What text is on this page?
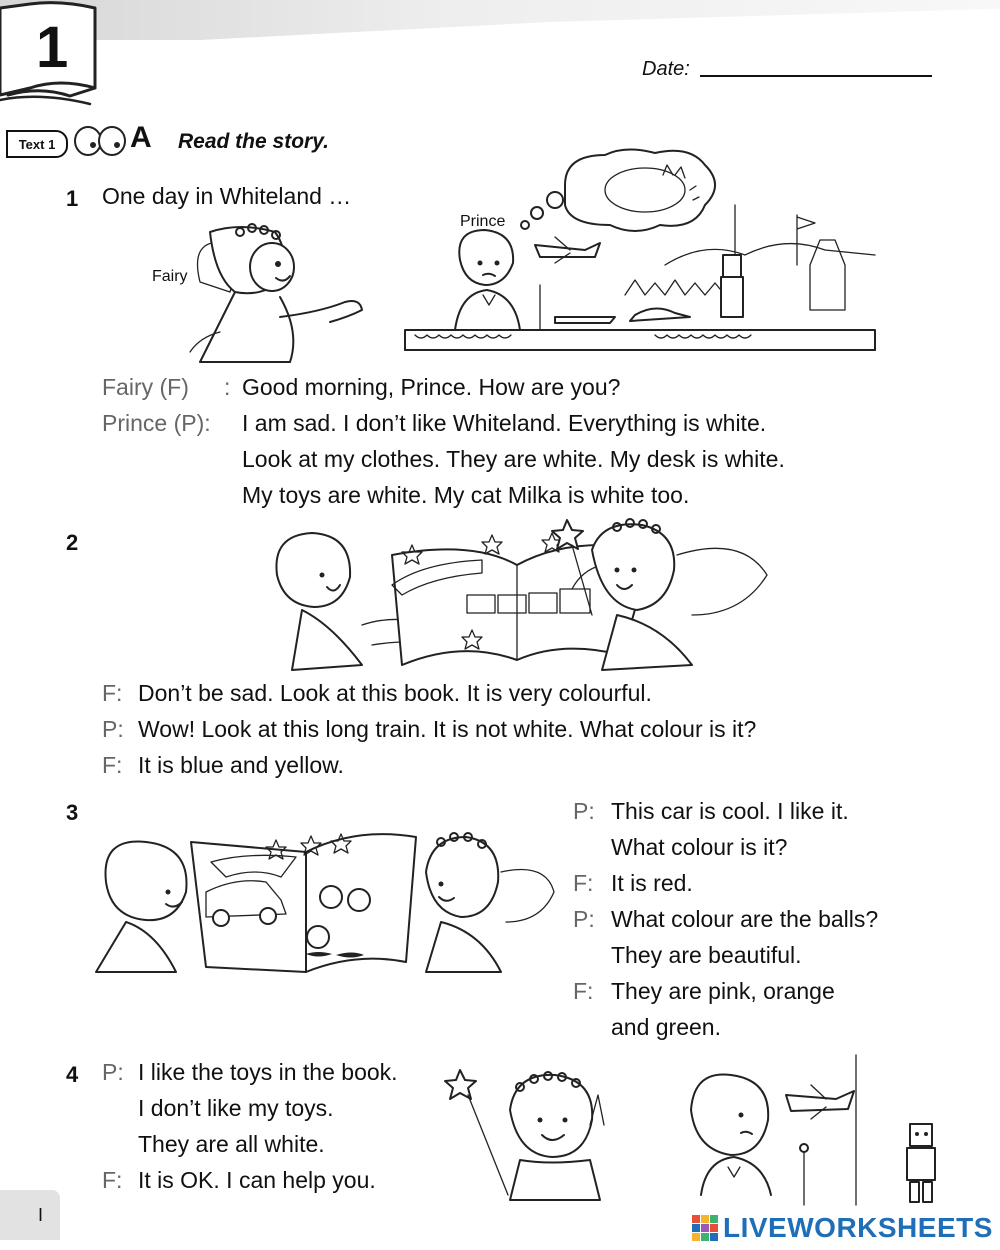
1	Date:
Text 1	A Read the story.
1 One day in Whiteland …
Fairy
Prince
Fairy (F) : Good morning, Prince. How are you?
Prince (P): I am sad. I don’t like Whiteland. Everything is white.
Look at my clothes. They are white. My desk is white.
My toys are white. My cat Milka is white too.
2
F: Don’t be sad. Look at this book. It is very colourful.
P: Wow! Look at this long train. It is not white. What colour is it?
F: It is blue and yellow.
3	P: This car is cool. I like it.
What colour is it?
F: It is red.
P: What colour are the balls?
They are beautiful.
F: They are pink, orange
and green.
4 P: I like the toys in the book.
I don’t like my toys.
They are all white.
F: It is OK. I can help you.
I	LIVEWORKSHEETS
